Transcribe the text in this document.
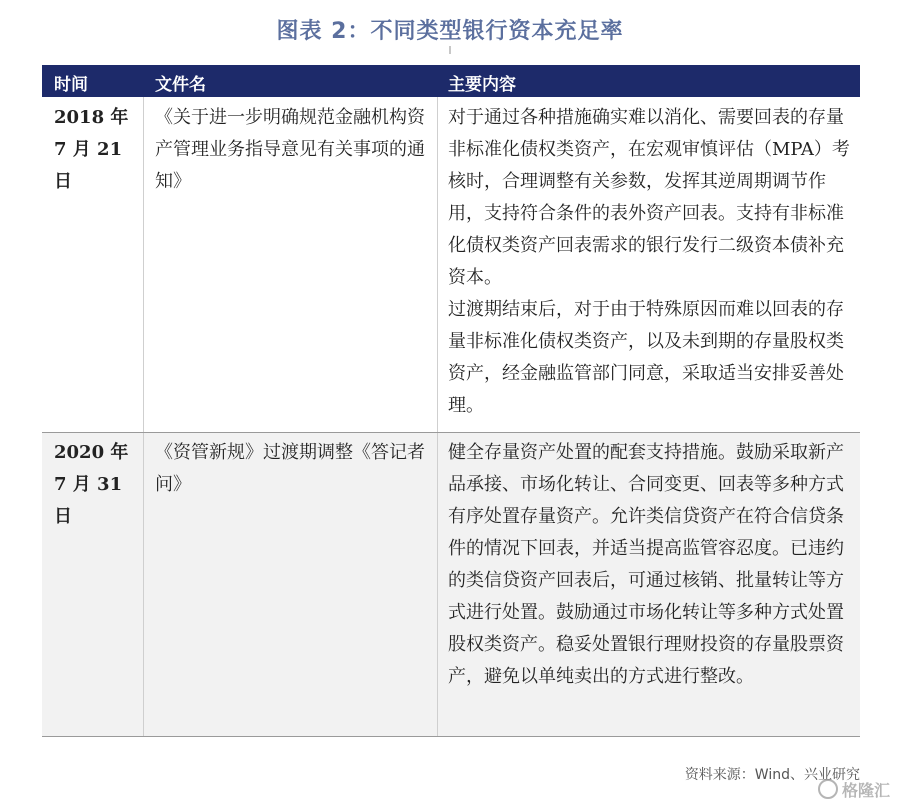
图表 2：不同类型银行资本充足率
时间	文件名	主要内容
2018 年 7 月 21 日
《关于进一步明确规范金融机构资产管理业务指导意见有关事项的通知》
对于通过各种措施确实难以消化、需要回表的存量非标准化债权类资产，在宏观审慎评估（MPA）考核时，合理调整有关参数，发挥其逆周期调节作用，支持符合条件的表外资产回表。支持有非标准化债权类资产回表需求的银行发行二级资本债补充资本。
过渡期结束后，对于由于特殊原因而难以回表的存量非标准化债权类资产，以及未到期的存量股权类资产，经金融监管部门同意，采取适当安排妥善处理。
2020 年 7 月 31 日
《资管新规》过渡期调整《答记者问》
健全存量资产处置的配套支持措施。鼓励采取新产品承接、市场化转让、合同变更、回表等多种方式有序处置存量资产。允许类信贷资产在符合信贷条件的情况下回表，并适当提高监管容忍度。已违约的类信贷资产回表后，可通过核销、批量转让等方式进行处置。鼓励通过市场化转让等多种方式处置股权类资产。稳妥处置银行理财投资的存量股票资产，避免以单纯卖出的方式进行整改。
资料来源：Wind、兴业研究
格隆汇
